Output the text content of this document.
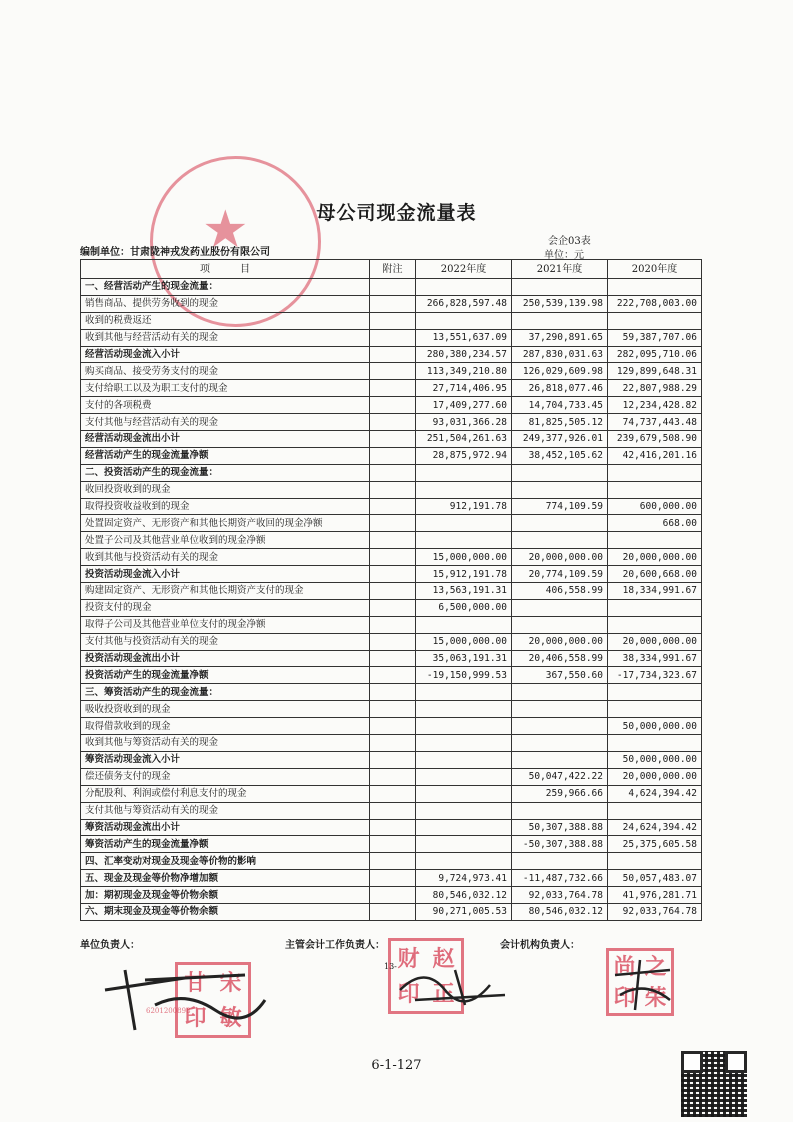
★	母公司现金流量表
会企03表
编制单位：甘肃陇神戎发药业股份有限公司	单位：元
项　　　目	附注	2022年度	2021年度	2020年度
一、经营活动产生的现金流量：				
销售商品、提供劳务收到的现金		266,828,597.48	250,539,139.98	222,708,003.00
收到的税费返还				
收到其他与经营活动有关的现金		13,551,637.09	37,290,891.65	59,387,707.06
经营活动现金流入小计		280,380,234.57	287,830,031.63	282,095,710.06
购买商品、接受劳务支付的现金		113,349,210.80	126,029,609.98	129,899,648.31
支付给职工以及为职工支付的现金		27,714,406.95	26,818,077.46	22,807,988.29
支付的各项税费		17,409,277.60	14,704,733.45	12,234,428.82
支付其他与经营活动有关的现金		93,031,366.28	81,825,505.12	74,737,443.48
经营活动现金流出小计		251,504,261.63	249,377,926.01	239,679,508.90
经营活动产生的现金流量净额		28,875,972.94	38,452,105.62	42,416,201.16
二、投资活动产生的现金流量：				
收回投资收到的现金				
取得投资收益收到的现金		912,191.78	774,109.59	600,000.00
处置固定资产、无形资产和其他长期资产收回的现金净额				668.00
处置子公司及其他营业单位收到的现金净额				
收到其他与投资活动有关的现金		15,000,000.00	20,000,000.00	20,000,000.00
投资活动现金流入小计		15,912,191.78	20,774,109.59	20,600,668.00
购建固定资产、无形资产和其他长期资产支付的现金		13,563,191.31	406,558.99	18,334,991.67
投资支付的现金		6,500,000.00		
取得子公司及其他营业单位支付的现金净额				
支付其他与投资活动有关的现金		15,000,000.00	20,000,000.00	20,000,000.00
投资活动现金流出小计		35,063,191.31	20,406,558.99	38,334,991.67
投资活动产生的现金流量净额		-19,150,999.53	367,550.60	-17,734,323.67
三、筹资活动产生的现金流量：				
吸收投资收到的现金				
取得借款收到的现金				50,000,000.00
收到其他与筹资活动有关的现金				
筹资活动现金流入小计				50,000,000.00
偿还债务支付的现金			50,047,422.22	20,000,000.00
分配股利、利润或偿付利息支付的现金			259,966.66	4,624,394.42
支付其他与筹资活动有关的现金				
筹资活动现金流出小计			50,307,388.88	24,624,394.42
筹资活动产生的现金流量净额			-50,307,388.88	25,375,605.58
四、汇率变动对现金及现金等价物的影响				
五、现金及现金等价物净增加额		9,724,973.41	-11,487,732.66	50,057,483.07
加：期初现金及现金等价物余额		80,546,032.12	92,033,764.78	41,976,281.71
六、期末现金及现金等价物余额		90,271,005.53	80,546,032.12	92,033,764.78
单位负责人：	主管会计工作负责人：	会计机构负责人：
甘 宋
印 敏
6201200898
财 赵
印 正
尚 之
印 荣
13-
6-1-127
